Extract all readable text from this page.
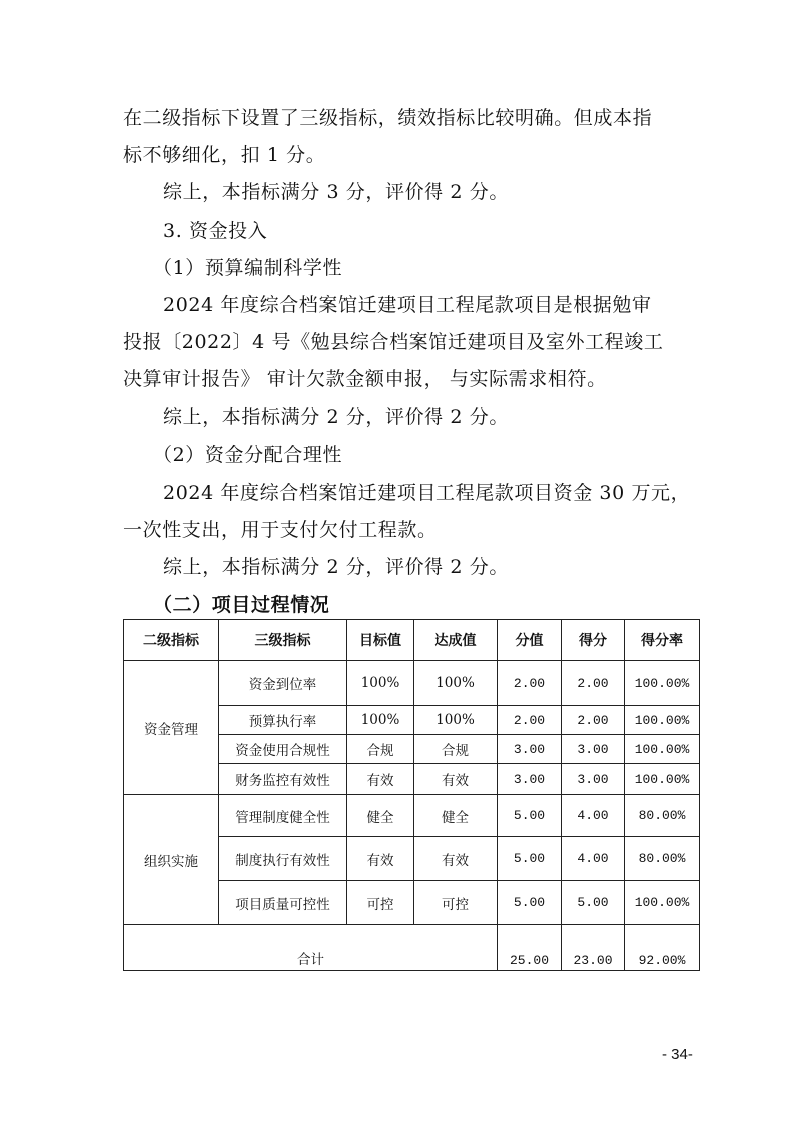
在二级指标下设置了三级指标，绩效指标比较明确。但成本指
标不够细化，扣 1 分。
综上，本指标满分 3 分，评价得 2 分。
3. 资金投入
（1）预算编制科学性
2024 年度综合档案馆迁建项目工程尾款项目是根据勉审
投报〔2022〕4 号《勉县综合档案馆迁建项目及室外工程竣工
决算审计报告》 审计欠款金额申报， 与实际需求相符。
综上，本指标满分 2 分，评价得 2 分。
（2）资金分配合理性
2024 年度综合档案馆迁建项目工程尾款项目资金 30 万元，
一次性支出，用于支付欠付工程款。
综上，本指标满分 2 分，评价得 2 分。
（二）项目过程情况
二级指标	三级指标	目标值	达成值	分值	得分	得分率
资金管理	资金到位率	100%	100%	2.00	2.00	100.00%
	预算执行率	100%	100%	2.00	2.00	100.00%
	资金使用合规性	合规	合规	3.00	3.00	100.00%
	财务监控有效性	有效	有效	3.00	3.00	100.00%
组织实施	管理制度健全性	健全	健全	5.00	4.00	80.00%
	制度执行有效性	有效	有效	5.00	4.00	80.00%
	项目质量可控性	可控	可控	5.00	5.00	100.00%
合计				25.00	23.00	92.00%
- 34-
